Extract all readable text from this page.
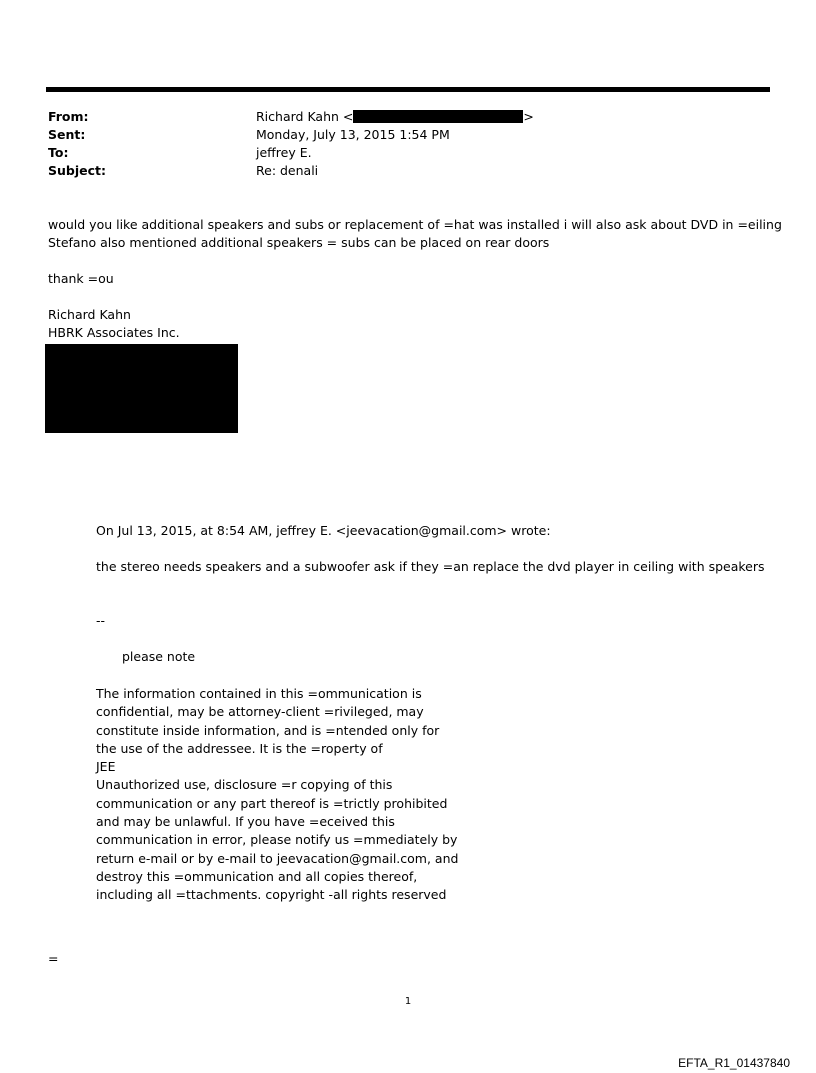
From:	Richard Kahn <	>
Sent:	Monday, July 13, 2015 1:54 PM
To:	jeffrey E.
Subject:	Re: denali
would you like additional speakers and subs or replacement of =hat was installed i will also ask about DVD in =eiling
Stefano also mentioned additional speakers = subs can be placed on rear doors
thank =ou
Richard Kahn
HBRK Associates Inc.
On Jul 13, 2015, at 8:54 AM, jeffrey E. <jeevacation@gmail.com> wrote:
the stereo needs speakers and a subwoofer ask if they =an replace the dvd player in ceiling with speakers
--
please note
The information contained in this =ommunication is
confidential, may be attorney-client =rivileged, may
constitute inside information, and is =ntended only for
the use of the addressee. It is the =roperty of
JEE
Unauthorized use, disclosure =r copying of this
communication or any part thereof is =trictly prohibited
and may be unlawful. If you have =eceived this
communication in error, please notify us =mmediately by
return e-mail or by e-mail to jeevacation@gmail.com, and
destroy this =ommunication and all copies thereof,
including all =ttachments. copyright -all rights reserved
=
1
EFTA_R1_01437840
